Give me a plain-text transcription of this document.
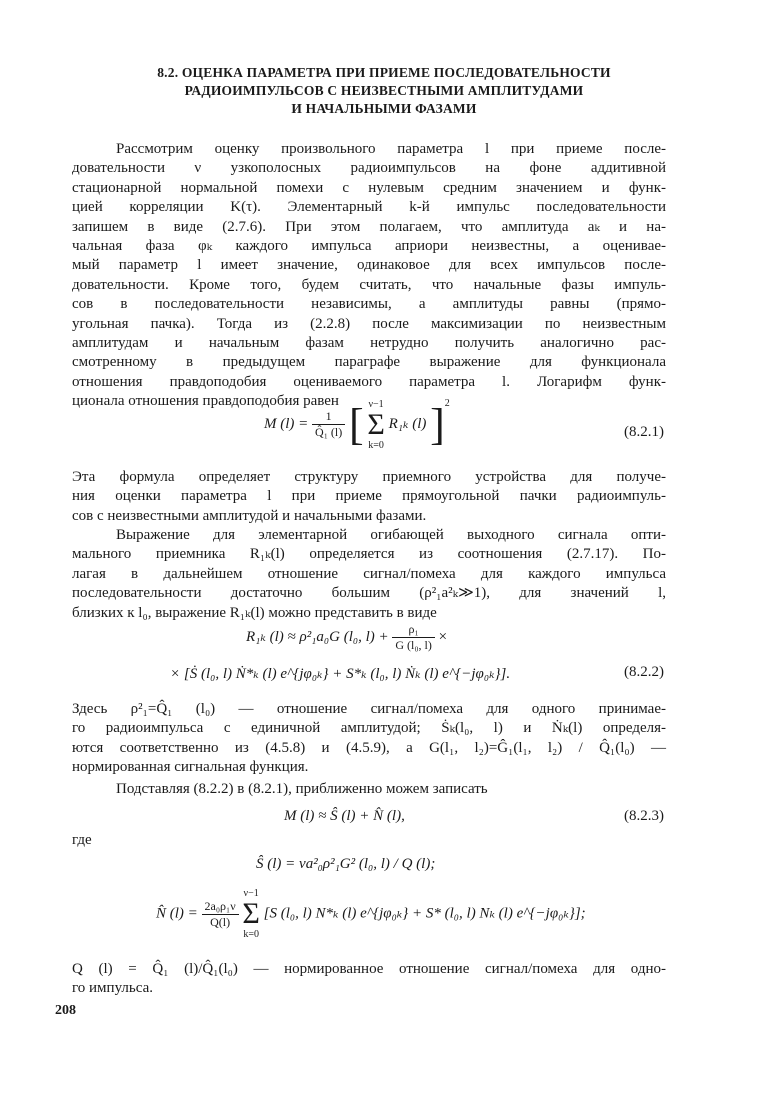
8.2. ОЦЕНКА ПАРАМЕТРА ПРИ ПРИЕМЕ ПОСЛЕДОВАТЕЛЬНОСТИ
РАДИОИМПУЛЬСОВ С НЕИЗВЕСТНЫМИ АМПЛИТУДАМИ
И НАЧАЛЬНЫМИ ФАЗАМИ
Рассмотрим оценку произвольного параметра l при приеме после-
довательности ν узкополосных радиоимпульсов на фоне аддитивной
стационарной нормальной помехи с нулевым средним значением и функ-
цией корреляции K(τ). Элементарный k-й импульс последовательности
запишем в виде (2.7.6). При этом полагаем, что амплитуда aₖ и на-
чальная фаза φₖ каждого импульса априори неизвестны, а оценивае-
мый параметр l имеет значение, одинаковое для всех импульсов после-
довательности. Кроме того, будем считать, что начальные фазы импуль-
сов в последовательности независимы, а амплитуды равны (прямо-
угольная пачка). Тогда из (2.2.8) после максимизации по неизвестным
амплитудам и начальным фазам нетрудно получить аналогично рас-
смотренному в предыдущем параграфе выражение для функционала
отношения правдоподобия оцениваемого параметра l. Логарифм функ-
ционала отношения правдоподобия равен
M $(l) = \frac{1}{\text{Q̂₁ (l)}}$ [ ν−1
Σ
k=0 R₁ₖ (l) ]$^2$
(8.2.1)
Эта формула определяет структуру приемного устройства для получе-
ния оценки параметра l при приеме прямоугольной пачки радиоимпуль-
сов с неизвестными амплитудой и начальными фазами.
Выражение для элементарной огибающей выходного сигнала опти-
мального приемника R₁ₖ(l) определяется из соотношения (2.7.17). По-
лагая в дальнейшем отношение сигнал/помеха для каждого импульса
последовательности достаточно большим (ρ²₁a²ₖ≫1), для значений l,
близких к l₀, выражение R₁ₖ(l) можно представить в виде
R₁ₖ (l) ≈ ρ²₁a₀G (l₀, $l) + \frac{\text{ρ₁}}{\text{G (l₀, l)}}$ ×
× [Ṡ (l₀, l) Ṅ*ₖ (l) e^{jφ₀ₖ} + S*ₖ (l₀, l) Ṅₖ (l) e^{−jφ₀ₖ}].	(8.2.2)
Здесь ρ²₁=Q̂₁ (l₀) — отношение сигнал/помеха для одного принимае-
го радиоимпульса с единичной амплитудой; Ṡₖ(l₀, l) и Ṅₖ(l) определя-
ются соответственно из (4.5.8) и (4.5.9), а G(l₁, l₂)=Ĝ₁(l₁, l₂) / Q̂₁(l₀) —
нормированная сигнальная функция.
Подставляя (8.2.2) в (8.2.1), приближенно можем записать
M (l) ≈ Ŝ (l) + N̂ (l),	(8.2.3)
где
Ŝ (l) = νa²₀ρ²₁G² (l₀, l) / Q (l);
N̂ $(l) = \frac{\text{2a₀ρ₁ν}}{Q(l)}$
ν−1
Σ
k=0 [S (l₀, l) N*ₖ (l) e^{jφ₀ₖ} + S* (l₀, l) Nₖ (l) e^{−jφ₀ₖ}];
Q (l) = Q̂₁ (l)/Q̂₁(l₀) — нормированное отношение сигнал/помеха для одно-
го импульса.
208
